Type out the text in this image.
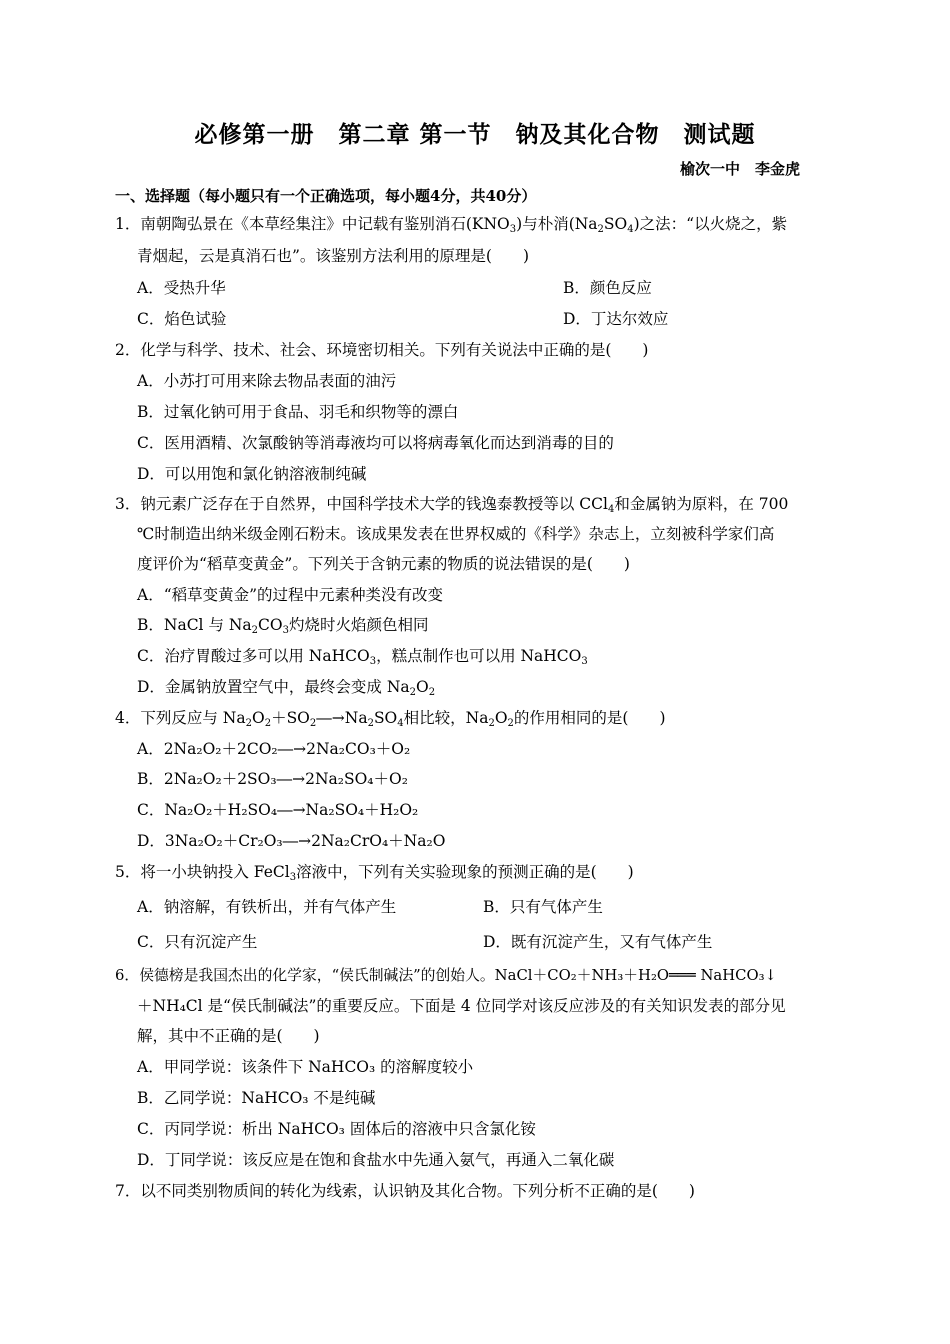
必修第一册　第二章 第一节　钠及其化合物　测试题
榆次一中　李金虎
一、选择题（每小题只有一个正确选项，每小题4分，共40分）
1．南朝陶弘景在《本草经集注》中记载有鉴别消石$(KNO_3)$与朴消$(Na_2SO_4)$之法：“以火烧之，紫
青烟起，云是真消石也”。该鉴别方法利用的原理是(　　)
A．受热升华	B．颜色反应
C．焰色试验	D．丁达尔效应
2．化学与科学、技术、社会、环境密切相关。下列有关说法中正确的是(　　)
A．小苏打可用来除去物品表面的油污
B．过氧化钠可用于食品、羽毛和织物等的漂白
C．医用酒精、次氯酸钠等消毒液均可以将病毒氧化而达到消毒的目的
D．可以用饱和氯化钠溶液制纯碱
3．钠元素广泛存在于自然界，中国科学技术大学的钱逸泰教授等以 CCl$_4$和金属钠为原料，在 700
℃时制造出纳米级金刚石粉末。该成果发表在世界权威的《科学》杂志上，立刻被科学家们高
度评价为“稻草变黄金”。下列关于含钠元素的物质的说法错误的是(　　)
A．“稻草变黄金”的过程中元素种类没有改变
B．NaCl 与 $Na_2CO_3$灼烧时火焰颜色相同
C．治疗胃酸过多可以用 NaHCO$_3$，糕点制作也可以用 NaHCO$_3$
D．金属钠放置空气中，最终会变成 $Na_2O_2$
4．下列反应与 $Na_2O_2+SO_2―\to Na_2SO_4$相比较，$Na_2O_2$的作用相同的是(　　)
A．2Na₂O₂＋2CO₂―→2Na₂CO₃＋O₂
B．2Na₂O₂＋2SO₃―→2Na₂SO₄＋O₂
C．Na₂O₂＋H₂SO₄―→Na₂SO₄＋H₂O₂
D．3Na₂O₂＋Cr₂O₃―→2Na₂CrO₄＋Na₂O
5．将一小块钠投入 FeCl$_3$溶液中，下列有关实验现象的预测正确的是(　　)
A．钠溶解，有铁析出，并有气体产生	B．只有气体产生
C．只有沉淀产生	D．既有沉淀产生，又有气体产生
6．侯德榜是我国杰出的化学家，“侯氏制碱法”的创始人。NaCl＋CO₂＋NH₃＋H₂O═══ NaHCO₃↓
＋NH₄Cl 是“侯氏制碱法”的重要反应。下面是 4 位同学对该反应涉及的有关知识发表的部分见
解，其中不正确的是(　　)
A．甲同学说：该条件下 NaHCO₃ 的溶解度较小
B．乙同学说：NaHCO₃ 不是纯碱
C．丙同学说：析出 NaHCO₃ 固体后的溶液中只含氯化铵
D．丁同学说：该反应是在饱和食盐水中先通入氨气，再通入二氧化碳
7．以不同类别物质间的转化为线索，认识钠及其化合物。下列分析不正确的是(　　)
